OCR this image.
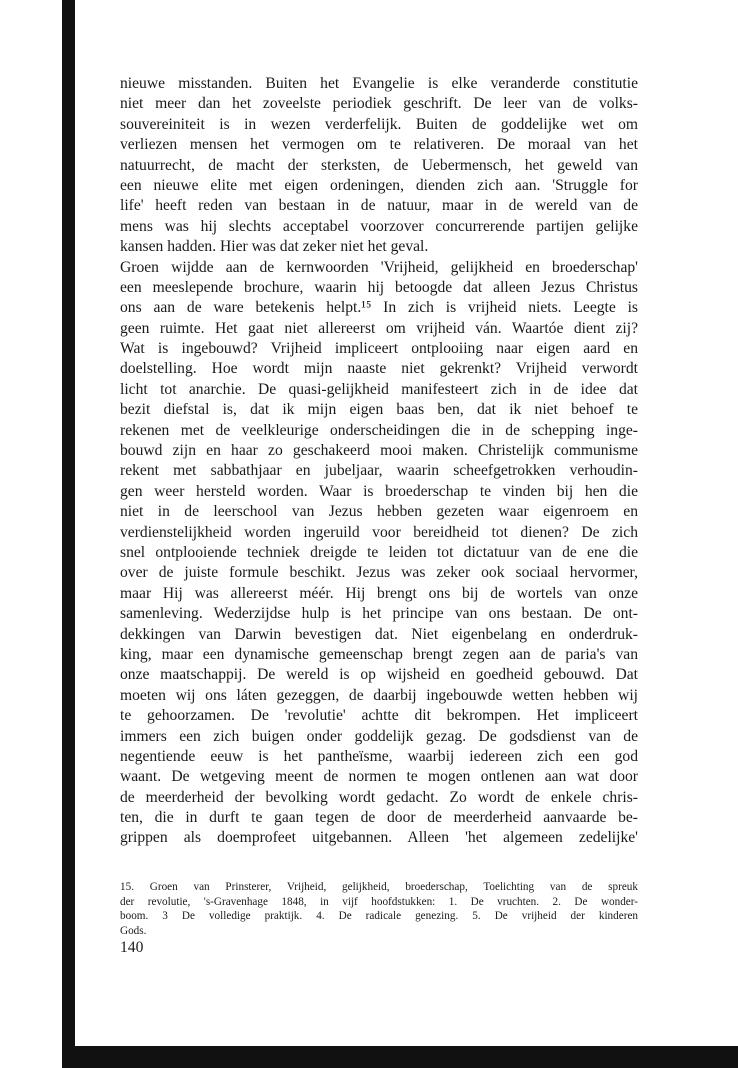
nieuwe misstanden. Buiten het Evangelie is elke veranderde constitutie
niet meer dan het zoveelste periodiek geschrift. De leer van de volks-
souvereiniteit is in wezen verderfelijk. Buiten de goddelijke wet om
verliezen mensen het vermogen om te relativeren. De moraal van het
natuurrecht, de macht der sterksten, de Uebermensch, het geweld van
een nieuwe elite met eigen ordeningen, dienden zich aan. 'Struggle for
life' heeft reden van bestaan in de natuur, maar in de wereld van de
mens was hij slechts acceptabel voorzover concurrerende partijen gelijke
kansen hadden. Hier was dat zeker niet het geval.
Groen wijdde aan de kernwoorden 'Vrijheid, gelijkheid en broederschap'
een meeslepende brochure, waarin hij betoogde dat alleen Jezus Christus
ons aan de ware betekenis helpt.¹⁵ In zich is vrijheid niets. Leegte is
geen ruimte. Het gaat niet allereerst om vrijheid ván. Waartóe dient zij?
Wat is ingebouwd? Vrijheid impliceert ontplooiing naar eigen aard en
doelstelling. Hoe wordt mijn naaste niet gekrenkt? Vrijheid verwordt
licht tot anarchie. De quasi-gelijkheid manifesteert zich in de idee dat
bezit diefstal is, dat ik mijn eigen baas ben, dat ik niet behoef te
rekenen met de veelkleurige onderscheidingen die in de schepping inge-
bouwd zijn en haar zo geschakeerd mooi maken. Christelijk communisme
rekent met sabbathjaar en jubeljaar, waarin scheefgetrokken verhoudin-
gen weer hersteld worden. Waar is broederschap te vinden bij hen die
niet in de leerschool van Jezus hebben gezeten waar eigenroem en
verdienstelijkheid worden ingeruild voor bereidheid tot dienen? De zich
snel ontplooiende techniek dreigde te leiden tot dictatuur van de ene die
over de juiste formule beschikt. Jezus was zeker ook sociaal hervormer,
maar Hij was allereerst méér. Hij brengt ons bij de wortels van onze
samenleving. Wederzijdse hulp is het principe van ons bestaan. De ont-
dekkingen van Darwin bevestigen dat. Niet eigenbelang en onderdruk-
king, maar een dynamische gemeenschap brengt zegen aan de paria's van
onze maatschappij. De wereld is op wijsheid en goedheid gebouwd. Dat
moeten wij ons láten gezeggen, de daarbij ingebouwde wetten hebben wij
te gehoorzamen. De 'revolutie' achtte dit bekrompen. Het impliceert
immers een zich buigen onder goddelijk gezag. De godsdienst van de
negentiende eeuw is het pantheïsme, waarbij iedereen zich een god
waant. De wetgeving meent de normen te mogen ontlenen aan wat door
de meerderheid der bevolking wordt gedacht. Zo wordt de enkele chris-
ten, die in durft te gaan tegen de door de meerderheid aanvaarde be-
grippen als doemprofeet uitgebannen. Alleen 'het algemeen zedelijke'
15. Groen van Prinsterer, Vrijheid, gelijkheid, broederschap, Toelichting van de spreuk
der revolutie, 's-Gravenhage 1848, in vijf hoofdstukken: 1. De vruchten. 2. De wonder-
boom. 3 De volledige praktijk. 4. De radicale genezing. 5. De vrijheid der kinderen
Gods.
140
